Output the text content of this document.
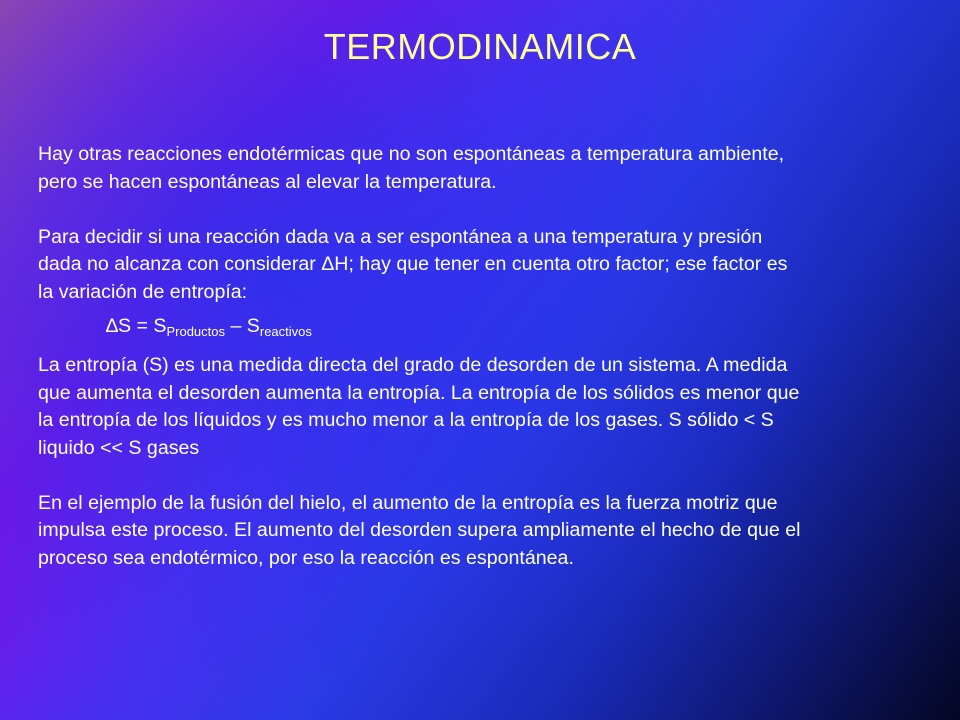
TERMODINAMICA

Hay otras reacciones endotérmicas que no son espontáneas a temperatura ambiente,
pero se hacen espontáneas al elevar la temperatura.

Para decidir si una reacción dada va a ser espontánea a una temperatura y presión
dada no alcanza con considerar ΔH; hay que tener en cuenta otro factor; ese factor es
la variación de entropía:

$\Delta S = S_{Productos} - S_{reactivos}$

La entropía (S) es una medida directa del grado de desorden de un sistema. A medida
que aumenta el desorden aumenta la entropía. La entropía de los sólidos es menor que
la entropía de los líquidos y es mucho menor a la entropía de los gases. S sólido < S
liquido << S gases

En el ejemplo de la fusión del hielo, el aumento de la entropía es la fuerza motriz que
impulsa este proceso. El aumento del desorden supera ampliamente el hecho de que el
proceso sea endotérmico, por eso la reacción es espontánea.
